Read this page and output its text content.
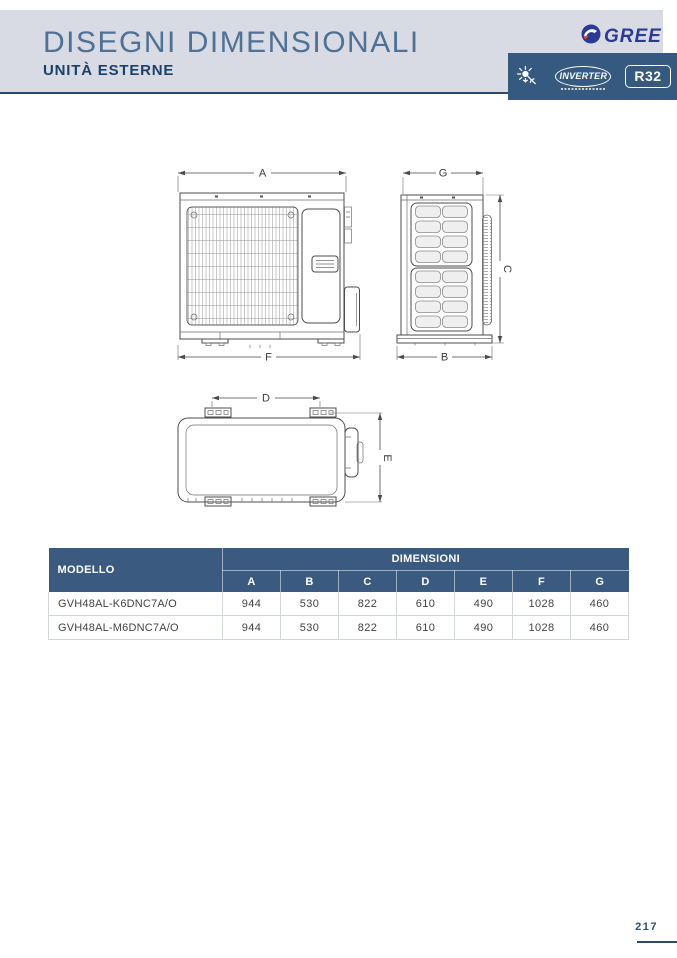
DISEGNI DIMENSIONALI
UNITÀ ESTERNE
GREE
INVERTER	R32
A
F
G
C
B
D
E
MODELLO	DIMENSIONI						
	A	B	C	D	E	F	G
GVH48AL-K6DNC7A/O	944	530	822	610	490	1028	460
GVH48AL-M6DNC7A/O	944	530	822	610	490	1028	460
217
